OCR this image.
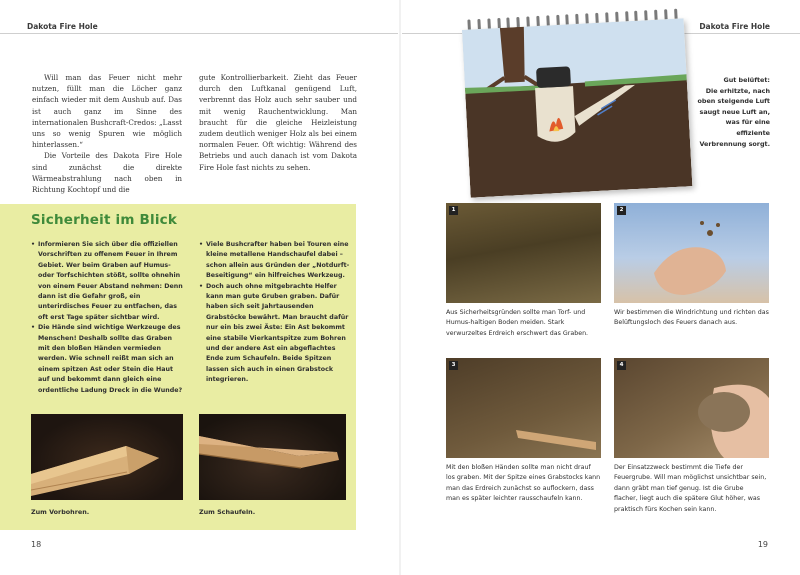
Dakota Fire Hole	Dakota Fire Hole

Will man das Feuer nicht mehr nutzen, füllt man die Löcher ganz einfach wieder mit dem Aushub auf. Das ist auch ganz im Sinne des internationalen Bushcraft-Credos: „Lasst uns so wenig Spuren wie möglich hinterlassen.“

Die Vorteile des Dakota Fire Hole sind zunächst die direkte Wärmeabstrahlung nach oben in Richtung Kochtopf und die

gute Kontrollierbarkeit. Zieht das Feuer durch den Luftkanal genügend Luft, verbrennt das Holz auch sehr sauber und mit wenig Rauchentwicklung. Man braucht für die gleiche Heizleistung zudem deutlich weniger Holz als bei einem normalen Feuer. Oft wichtig: Während des Betriebs und auch danach ist vom Dakota Fire Hole fast nichts zu sehen.

Sicherheit im Blick
• Informieren Sie sich über die offiziellen Vorschriften zu offenem Feuer in Ihrem Gebiet. Wer beim Graben auf Humus- oder Torfschichten stößt, sollte ohnehin von einem Feuer Abstand nehmen: Denn dann ist die Gefahr groß, ein unterirdisches Feuer zu entfachen, das oft erst Tage später sichtbar wird.
• Die Hände sind wichtige Werkzeuge des Menschen! Deshalb sollte das Graben mit den bloßen Händen vermieden werden. Wie schnell reißt man sich an einem spitzen Ast oder Stein die Haut auf und bekommt dann gleich eine ordentliche Ladung Dreck in die Wunde?
• Viele Bushcrafter haben bei Touren eine kleine metallene Handschaufel dabei – schon allein aus Gründen der „Notdurft-Beseitigung“ ein hilfreiches Werkzeug.
• Doch auch ohne mitgebrachte Helfer kann man gute Gruben graben. Dafür haben sich seit Jahrtausenden Grabstöcke bewährt. Man braucht dafür nur ein bis zwei Äste: Ein Ast bekommt eine stabile Vierkantspitze zum Bohren und der andere Ast ein abgeflachtes Ende zum Schaufeln. Beide Spitzen lassen sich auch in einen Grabstock integrieren.
Zum Vorbohren.	Zum Schaufeln.
18	19
Gut belüftet:
Die erhitzte, nach oben steigende Luft saugt neue Luft an, was für eine effiziente Verbrennung sorgt.
1
Aus Sicherheitsgründen sollte man Torf- und Humus-haltigen Boden meiden. Stark verwurzeltes Erdreich erschwert das Graben.
2
Wir bestimmen die Windrichtung und richten das Belüftungsloch des Feuers danach aus.
3
Mit den bloßen Händen sollte man nicht drauf los graben. Mit der Spitze eines Grabstocks kann man das Erdreich zunächst so auflockern, dass man es später leichter rausschaufeln kann.
4
Der Einsatzzweck bestimmt die Tiefe der Feuergrube. Will man möglichst unsichtbar sein, dann gräbt man tief genug. Ist die Grube flacher, liegt auch die spätere Glut höher, was praktisch fürs Kochen sein kann.
